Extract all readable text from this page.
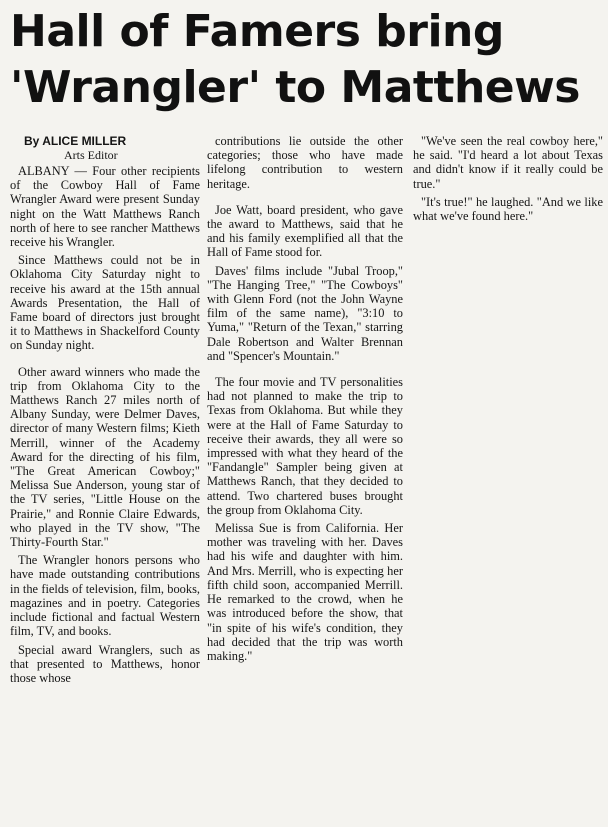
Hall of Famers bring
'Wrangler' to Matthews
By ALICE MILLER
Arts Editor

ALBANY — Four other recipients of the Cowboy Hall of Fame Wrangler Award were present Sunday night on the Watt Matthews Ranch north of here to see rancher Matthews receive his Wrangler.

Since Matthews could not be in Oklahoma City Saturday night to receive his award at the 15th annual Awards Presentation, the Hall of Fame board of directors just brought it to Matthews in Shackelford County on Sunday night.

Other award winners who made the trip from Oklahoma City to the Matthews Ranch 27 miles north of Albany Sunday, were Delmer Daves, director of many Western films; Kieth Merrill, winner of the Academy Award for the directing of his film, "The Great American Cowboy;" Melissa Sue Anderson, young star of the TV series, "Little House on the Prairie," and Ronnie Claire Edwards, who played in the TV show, "The Thirty-Fourth Star."

The Wrangler honors persons who have made outstanding contributions in the fields of television, film, books, magazines and in poetry. Categories include fictional and factual Western film, TV, and books.

Special award Wranglers, such as that presented to Matthews, honor those whose

contributions lie outside the other categories; those who have made lifelong contribution to western heritage.

Joe Watt, board president, who gave the award to Matthews, said that he and his family exemplified all that the Hall of Fame stood for.

Daves' films include "Jubal Troop," "The Hanging Tree," "The Cowboys" with Glenn Ford (not the John Wayne film of the same name), "3:10 to Yuma," "Return of the Texan," starring Dale Robertson and Walter Brennan and "Spencer's Mountain."

The four movie and TV personalities had not planned to make the trip to Texas from Oklahoma. But while they were at the Hall of Fame Saturday to receive their awards, they all were so impressed with what they heard of the "Fandangle" Sampler being given at Matthews Ranch, that they decided to attend. Two chartered buses brought the group from Oklahoma City.

Melissa Sue is from California. Her mother was traveling with her. Daves had his wife and daughter with him. And Mrs. Merrill, who is expecting her fifth child soon, accompanied Merrill. He remarked to the crowd, when he was introduced before the show, that "in spite of his wife's condition, they had decided that the trip was worth making."

"We've seen the real cowboy here," he said. "I'd heard a lot about Texas and didn't know if it really could be true."

"It's true!" he laughed. "And we like what we've found here."
